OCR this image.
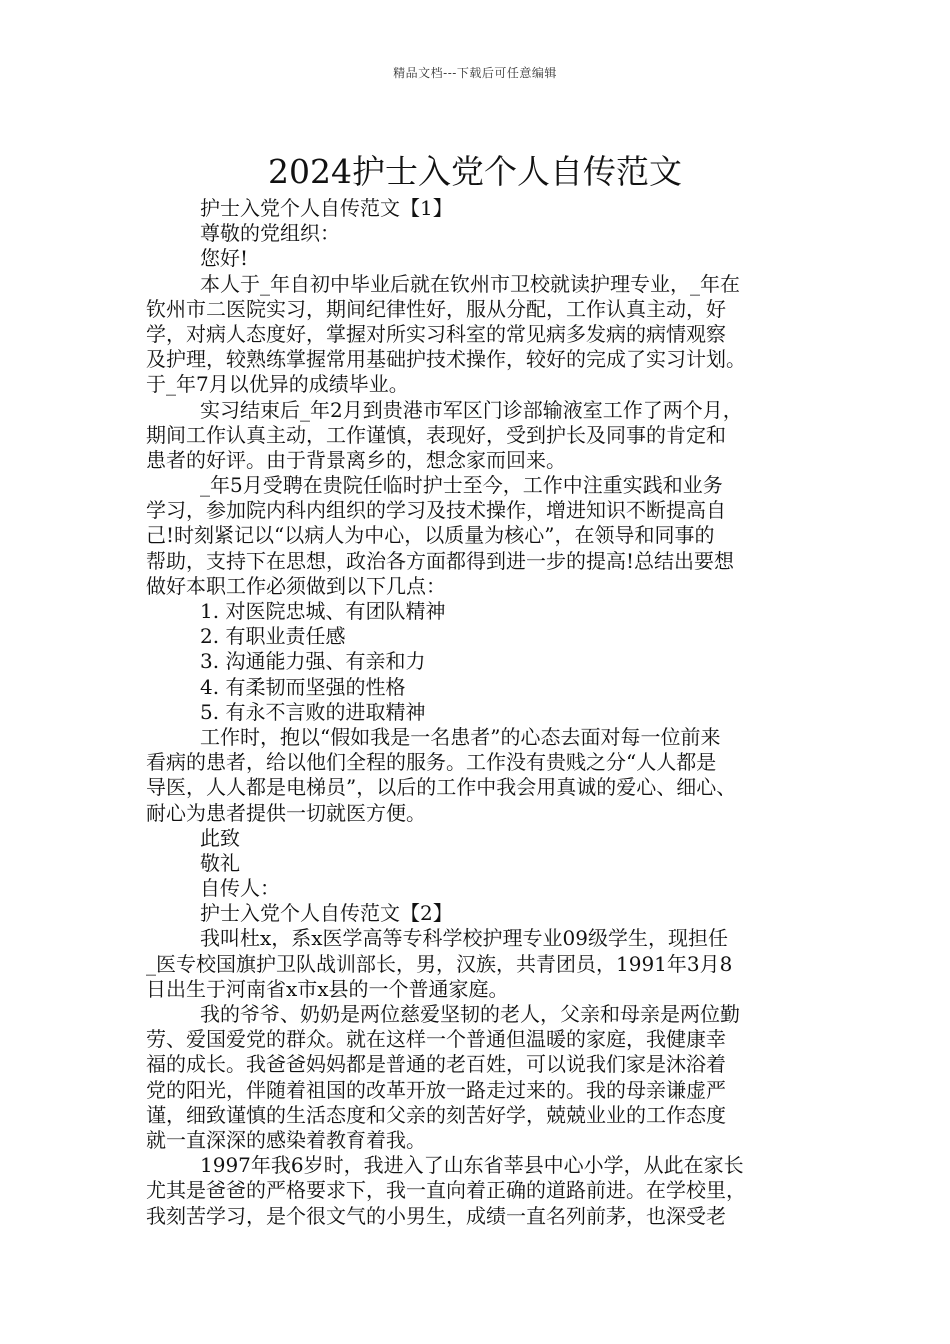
精品文档---下载后可任意编辑
2024护士入党个人自传范文

护士入党个人自传范文【1】

尊敬的党组织：

您好!

本人于_年自初中毕业后就在钦州市卫校就读护理专业，_年在

钦州市二医院实习，期间纪律性好，服从分配，工作认真主动，好

学，对病人态度好，掌握对所实习科室的常见病多发病的病情观察

及护理，较熟练掌握常用基础护技术操作，较好的完成了实习计划。

于_年7月以优异的成绩毕业。

实习结束后_年2月到贵港市军区门诊部输液室工作了两个月，

期间工作认真主动，工作谨慎，表现好，受到护长及同事的肯定和

患者的好评。由于背景离乡的，想念家而回来。

_年5月受聘在贵院任临时护士至今，工作中注重实践和业务

学习，参加院内科内组织的学习及技术操作，增进知识不断提高自

己!时刻紧记以“以病人为中心，以质量为核心”，在领导和同事的

帮助，支持下在思想，政治各方面都得到进一步的提高!总结出要想

做好本职工作必须做到以下几点：

1. 对医院忠城、有团队精神

2. 有职业责任感

3. 沟通能力强、有亲和力

4. 有柔韧而坚强的性格

5. 有永不言败的进取精神

工作时，抱以“假如我是一名患者”的心态去面对每一位前来

看病的患者，给以他们全程的服务。工作没有贵贱之分“人人都是

导医，人人都是电梯员”，以后的工作中我会用真诚的爱心、细心、

耐心为患者提供一切就医方便。

此致

敬礼

自传人：

护士入党个人自传范文【2】

我叫杜x，系x医学高等专科学校护理专业09级学生，现担任

_医专校国旗护卫队战训部长，男，汉族，共青团员，1991年3月8

日出生于河南省x市x县的一个普通家庭。

我的爷爷、奶奶是两位慈爱坚韧的老人，父亲和母亲是两位勤

劳、爱国爱党的群众。就在这样一个普通但温暖的家庭，我健康幸

福的成长。我爸爸妈妈都是普通的老百姓，可以说我们家是沐浴着

党的阳光，伴随着祖国的改革开放一路走过来的。我的母亲谦虚严

谨，细致谨慎的生活态度和父亲的刻苦好学，兢兢业业的工作态度

就一直深深的感染着教育着我。

1997年我6岁时，我进入了山东省莘县中心小学，从此在家长

尤其是爸爸的严格要求下，我一直向着正确的道路前进。在学校里，

我刻苦学习，是个很文气的小男生，成绩一直名列前茅，也深受老
